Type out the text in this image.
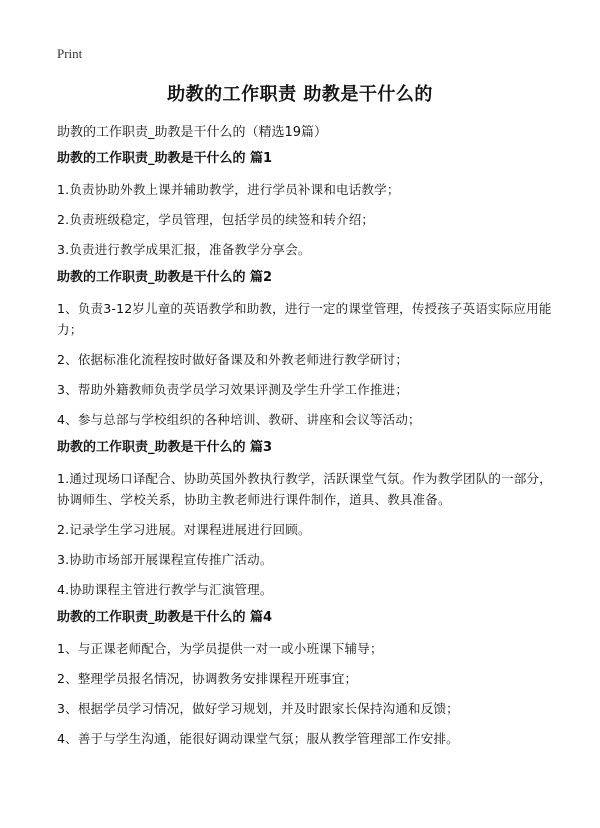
Print
助教的工作职责 助教是干什么的
助教的工作职责_助教是干什么的（精选19篇）

助教的工作职责_助教是干什么的 篇1

1.负责协助外教上课并辅助教学，进行学员补课和电话教学；

2.负责班级稳定，学员管理，包括学员的续签和转介绍；

3.负责进行教学成果汇报，准备教学分享会。

助教的工作职责_助教是干什么的 篇2

1、负责3-12岁儿童的英语教学和助教，进行一定的课堂管理，传授孩子英语实际应用能力；

2、依据标准化流程按时做好备课及和外教老师进行教学研讨；

3、帮助外籍教师负责学员学习效果评测及学生升学工作推进；

4、参与总部与学校组织的各种培训、教研、讲座和会议等活动；

助教的工作职责_助教是干什么的 篇3

1.通过现场口译配合、协助英国外教执行教学，活跃课堂气氛。作为教学团队的一部分，协调师生、学校关系，协助主教老师进行课件制作，道具、教具准备。

2.记录学生学习进展。对课程进展进行回顾。

3.协助市场部开展课程宣传推广活动。

4.协助课程主管进行教学与汇演管理。

助教的工作职责_助教是干什么的 篇4

1、与正课老师配合，为学员提供一对一或小班课下辅导；

2、整理学员报名情况，协调教务安排课程开班事宜；

3、根据学员学习情况，做好学习规划，并及时跟家长保持沟通和反馈；

4、善于与学生沟通，能很好调动课堂气氛；服从教学管理部工作安排。
